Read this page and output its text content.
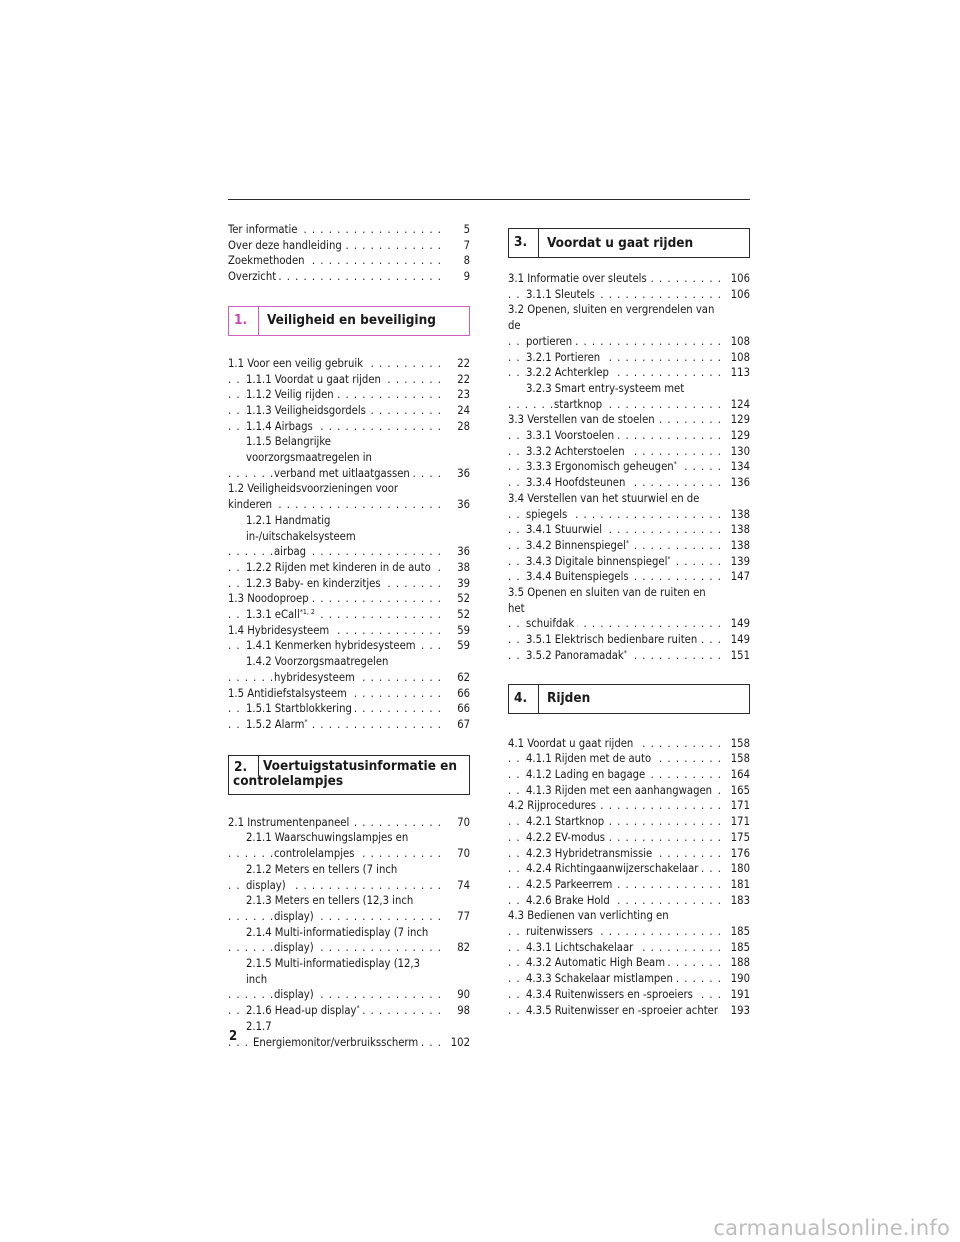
Ter informatie	5
. . .
Over deze handleiding	7
. . .
Zoekmethoden	8
. . .
Overzicht	9
. . .
1.	Veiligheid en beveiliging
1.1 Voor een veilig gebruik	22
. . .
1.1.1 Voordat u gaat rijden	22
. . .
1.1.2 Veilig rijden	23
. . .
1.1.3 Veiligheidsgordels	24
. . .
1.1.4 Airbags	28
. . .
1.1.5 Belangrijke voorzorgsmaatregelen in
verband met uitlaatgassen	36
. . .
1.2 Veiligheidsvoorzieningen voor kinderen	36
. . .
1.2.1 Handmatig in-/uitschakelsysteem
airbag	36
. . .
1.2.2 Rijden met kinderen in de auto	38
. . .
1.2.3 Baby- en kinderzitjes	39
. . .
1.3 Noodoproep	52
. . .
1.3.1 eCall$^{*1, 2}$	52
. . .
1.4 Hybridesysteem	59
. . .
1.4.1 Kenmerken hybridesysteem	59
. . .
1.4.2 Voorzorgsmaatregelen
hybridesysteem	62
. . .
1.5 Antidiefstalsysteem	66
. . .
1.5.1 Startblokkering	66
. . .
1.5.2 Alarm*	67
. . .
2.	Voertuigstatusinformatie en
controlelampjes
2.1 Instrumentenpaneel	70
. . .
2.1.1 Waarschuwingslampjes en
controlelampjes	70
. . .
2.1.2 Meters en tellers (7 inch display)	74
. . .
2.1.3 Meters en tellers (12,3 inch
display)	77
. . .
2.1.4 Multi-informatiedisplay (7 inch
display)	82
. . .
2.1.5 Multi-informatiedisplay (12,3 inch
display)	90
. . .
2.1.6 Head-up display*	98
. . .
2.1.7
Energiemonitor/verbruiksscherm	102
. . .
3.	Voordat u gaat rijden
3.1 Informatie over sleutels	106
. . .
3.1.1 Sleutels	106
. . .
3.2 Openen, sluiten en vergrendelen van de
portieren	108
. . .
3.2.1 Portieren	108
. . .
3.2.2 Achterklep	113
. . .
3.2.3 Smart entry-systeem met
startknop	124
. . .
3.3 Verstellen van de stoelen	129
. . .
3.3.1 Voorstoelen	129
. . .
3.3.2 Achterstoelen	130
. . .
3.3.3 Ergonomisch geheugen*	134
. . .
3.3.4 Hoofdsteunen	136
. . .
3.4 Verstellen van het stuurwiel en de
spiegels	138
. . .
3.4.1 Stuurwiel	138
. . .
3.4.2 Binnenspiegel*	138
. . .
3.4.3 Digitale binnenspiegel*	139
. . .
3.4.4 Buitenspiegels	147
. . .
3.5 Openen en sluiten van de ruiten en het
schuifdak	149
. . .
3.5.1 Elektrisch bedienbare ruiten	149
. . .
3.5.2 Panoramadak*	151
. . .
4.	Rijden
4.1 Voordat u gaat rijden	158
. . .
4.1.1 Rijden met de auto	158
. . .
4.1.2 Lading en bagage	164
. . .
4.1.3 Rijden met een aanhangwagen	165
. . .
4.2 Rijprocedures	171
. . .
4.2.1 Startknop	171
. . .
4.2.2 EV-modus	175
. . .
4.2.3 Hybridetransmissie	176
. . .
4.2.4 Richtingaanwijzerschakelaar	180
. . .
4.2.5 Parkeerrem	181
. . .
4.2.6 Brake Hold	183
. . .
4.3 Bedienen van verlichting en
ruitenwissers	185
. . .
4.3.1 Lichtschakelaar	185
. . .
4.3.2 Automatic High Beam	188
. . .
4.3.3 Schakelaar mistlampen	190
. . .
4.3.4 Ruitenwissers en -sproeiers	191
. . .
4.3.5 Ruitenwisser en -sproeier achter	193
. . .
2
carmanualsonline.info
